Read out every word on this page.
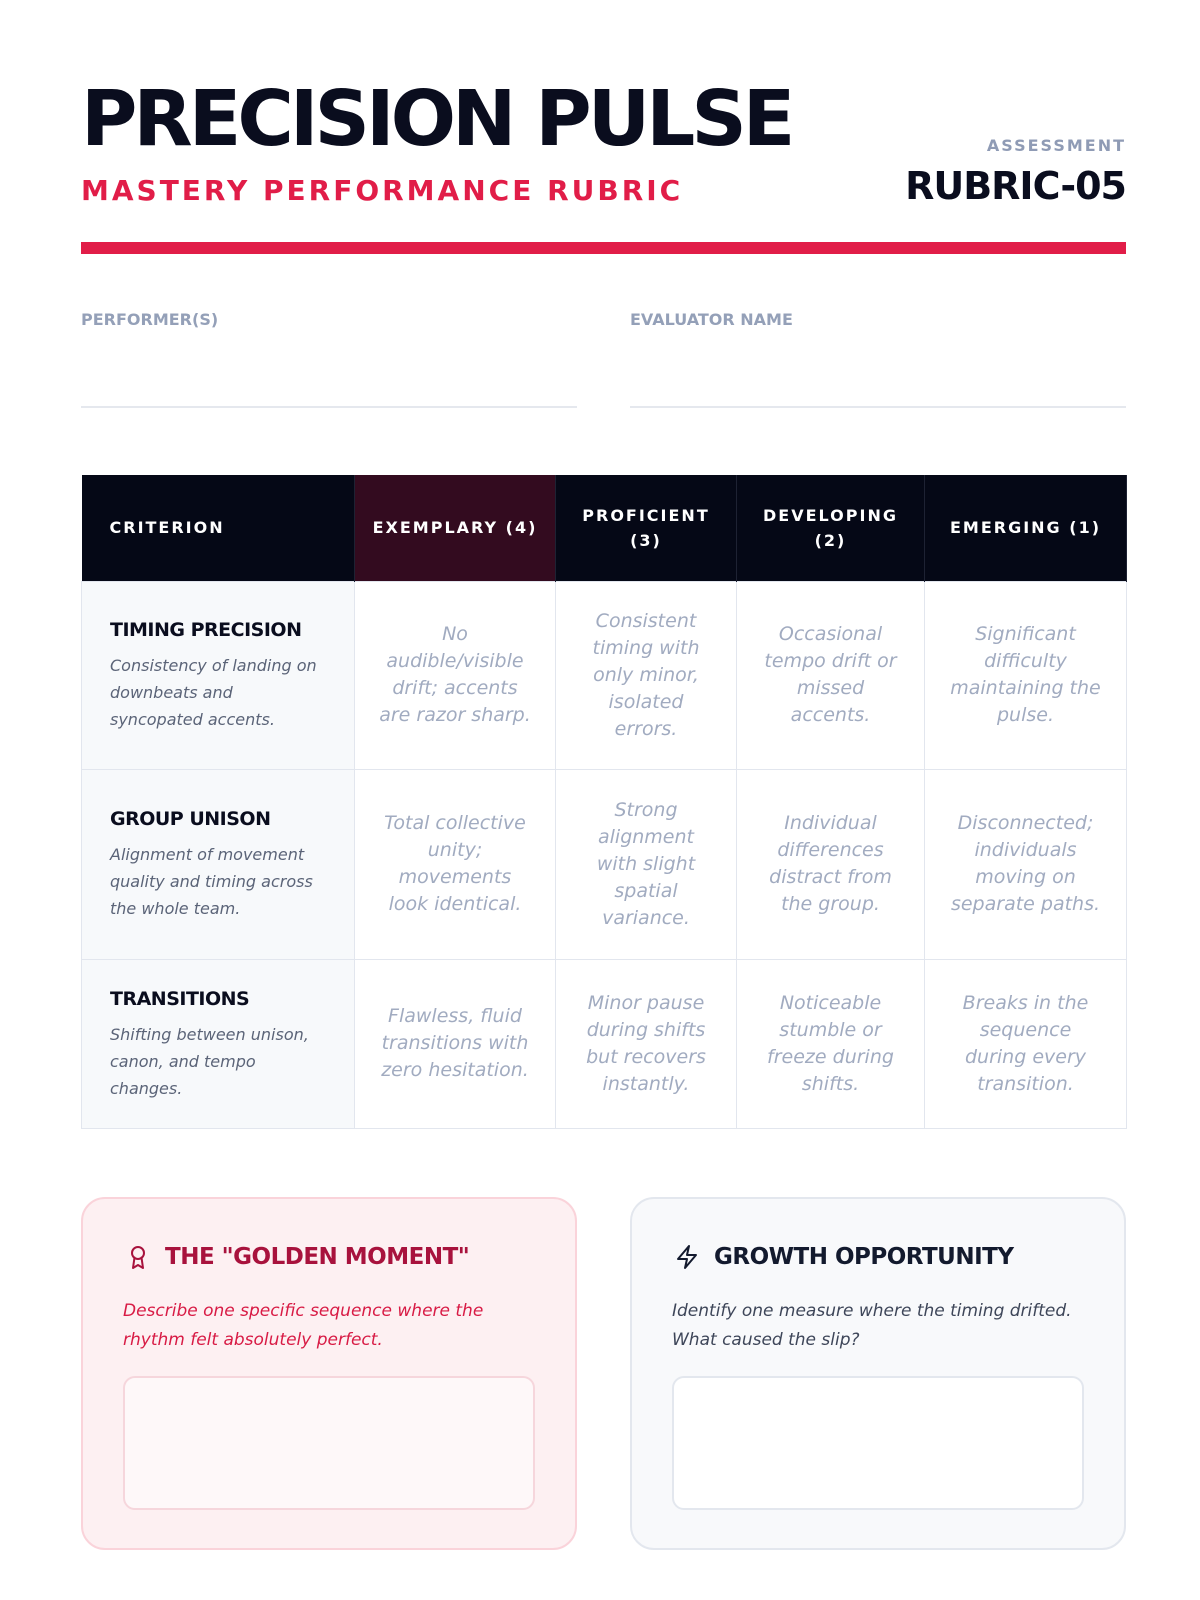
PRECISION PULSE
MASTERY PERFORMANCE RUBRIC
ASSESSMENT
RUBRIC-05
PERFORMER(S)	EVALUATOR NAME
CRITERION	EXEMPLARY (4)	PROFICIENT (3)	DEVELOPING (2)	EMERGING (1)

TIMING PRECISION
Consistency of landing on downbeats and syncopated accents.	No audible/visible drift; accents are razor sharp.	Consistent timing with only minor, isolated errors.	Occasional tempo drift or missed accents.	Significant difficulty maintaining the pulse.

GROUP UNISON
Alignment of movement quality and timing across the whole team.	Total collective unity; movements look identical.	Strong alignment with slight spatial variance.	Individual differences distract from the group.	Disconnected; individuals moving on separate paths.

TRANSITIONS
Shifting between unison, canon, and tempo changes.	Flawless, fluid transitions with zero hesitation.	Minor pause during shifts but recovers instantly.	Noticeable stumble or freeze during shifts.	Breaks in the sequence during every transition.
THE "GOLDEN MOMENT"
Describe one specific sequence where the rhythm felt absolutely perfect.
GROWTH OPPORTUNITY
Identify one measure where the timing drifted. What caused the slip?
